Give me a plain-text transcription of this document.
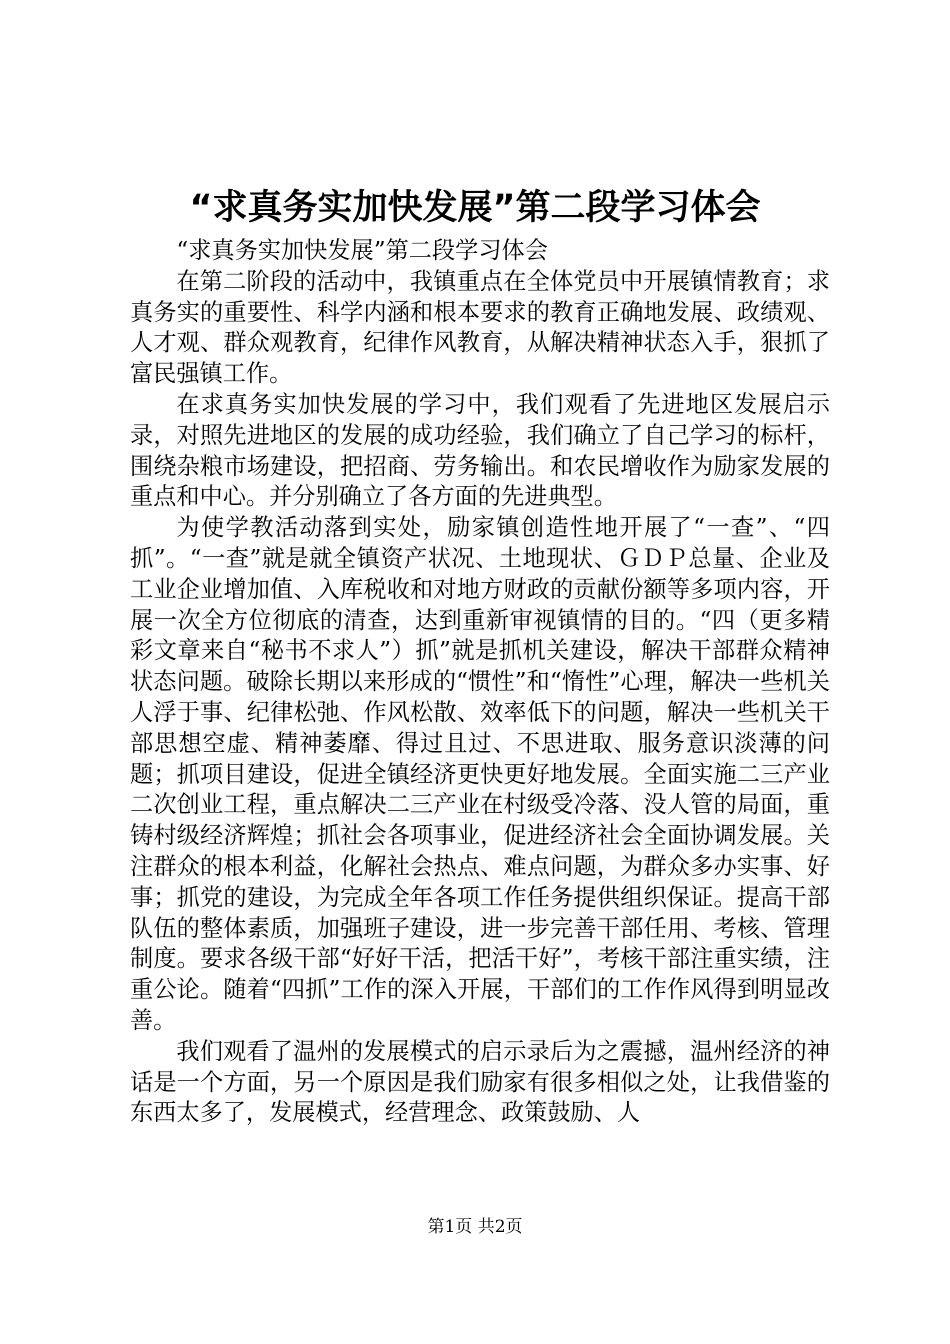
“求真务实加快发展”第二段学习体会

“求真务实加快发展”第二段学习体会

在第二阶段的活动中，我镇重点在全体党员中开展镇情教育；求真务实的重要性、科学内涵和根本要求的教育正确地发展、政绩观、人才观、群众观教育，纪律作风教育，从解决精神状态入手，狠抓了富民强镇工作。

在求真务实加快发展的学习中，我们观看了先进地区发展启示录，对照先进地区的发展的成功经验，我们确立了自己学习的标杆，围绕杂粮市场建设，把招商、劳务输出。和农民增收作为励家发展的重点和中心。并分别确立了各方面的先进典型。

为使学教活动落到实处，励家镇创造性地开展了“一查”、“四抓”。“一查”就是就全镇资产状况、土地现状、ＧＤＰ总量、企业及工业企业增加值、入库税收和对地方财政的贡献份额等多项内容，开展一次全方位彻底的清查，达到重新审视镇情的目的。“四（更多精彩文章来自“秘书不求人”）抓”就是抓机关建设，解决干部群众精神状态问题。破除长期以来形成的“惯性”和“惰性”心理，解决一些机关人浮于事、纪律松弛、作风松散、效率低下的问题，解决一些机关干部思想空虚、精神萎靡、得过且过、不思进取、服务意识淡薄的问题；抓项目建设，促进全镇经济更快更好地发展。全面实施二三产业二次创业工程，重点解决二三产业在村级受冷落、没人管的局面，重铸村级经济辉煌；抓社会各项事业，促进经济社会全面协调发展。关注群众的根本利益，化解社会热点、难点问题，为群众多办实事、好事；抓党的建设，为完成全年各项工作任务提供组织保证。提高干部队伍的整体素质，加强班子建设，进一步完善干部任用、考核、管理制度。要求各级干部“好好干活，把活干好”，考核干部注重实绩，注重公论。随着“四抓”工作的深入开展，干部们的工作作风得到明显改善。

我们观看了温州的发展模式的启示录后为之震撼，温州经济的神话是一个方面，另一个原因是我们励家有很多相似之处，让我借鉴的东西太多了，发展模式，经营理念、政策鼓励、人

第1页 共2页
